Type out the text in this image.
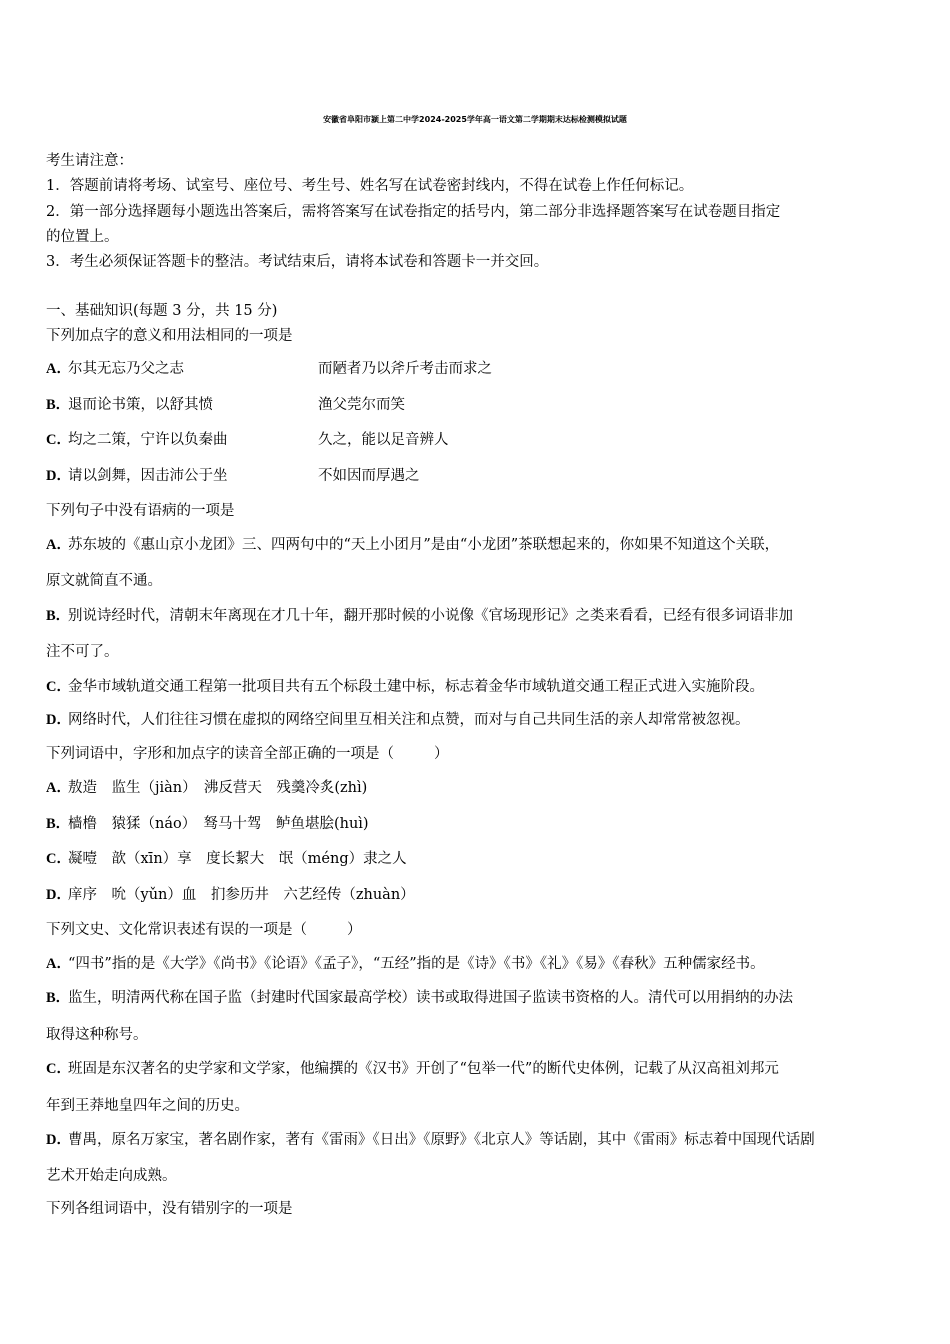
安徽省阜阳市颍上第二中学2024-2025学年高一语文第二学期期末达标检测模拟试题
考生请注意：
1．答题前请将考场、试室号、座位号、考生号、姓名写在试卷密封线内，不得在试卷上作任何标记。
2．第一部分选择题每小题选出答案后，需将答案写在试卷指定的括号内，第二部分非选择题答案写在试卷题目指定
的位置上。
3．考生必须保证答题卡的整洁。考试结束后，请将本试卷和答题卡一并交回。
一、基础知识(每题 3 分，共 15 分)
下列加点字的意义和用法相同的一项是
A．尔其无忘乃父之志	而陋者乃以斧斤考击而求之
B．退而论书策，以舒其愤	渔父莞尔而笑
C．均之二策，宁许以负秦曲	久之，能以足音辨人
D．请以剑舞，因击沛公于坐	不如因而厚遇之
下列句子中没有语病的一项是
A．苏东坡的《惠山京小龙团》三、四两句中的“天上小团月”是由“小龙团”茶联想起来的，你如果不知道这个关联，
原文就简直不通。
B．别说诗经时代，清朝末年离现在才几十年，翻开那时候的小说像《官场现形记》之类来看看，已经有很多词语非加
注不可了。
C．金华市域轨道交通工程第一批项目共有五个标段土建中标，标志着金华市域轨道交通工程正式进入实施阶段。
D．网络时代，人们往往习惯在虚拟的网络空间里互相关注和点赞，而对与自己共同生活的亲人却常常被忽视。
下列词语中，字形和加点字的读音全部正确的一项是（	）
A．敖造　监生（jiàn）　沸反营天　残羹冷炙(zhì)
B．樯橹　猿猱（náo）　驽马十驾　鲈鱼堪脍(huì)
C．凝噎　歆（xīn）享　度长絜大　氓（méng）隶之人
D．庠序　吮（yǔn）血　扪参历井　六艺经传（zhuàn）
下列文史、文化常识表述有误的一项是（	）
A．“四书”指的是《大学》《尚书》《论语》《孟子》，“五经”指的是《诗》《书》《礼》《易》《春秋》五种儒家经书。
B．监生，明清两代称在国子监（封建时代国家最高学校）读书或取得进国子监读书资格的人。清代可以用捐纳的办法
取得这种称号。
C．班固是东汉著名的史学家和文学家，他编撰的《汉书》开创了“包举一代”的断代史体例，记载了从汉高祖刘邦元
年到王莽地皇四年之间的历史。
D．曹禺，原名万家宝，著名剧作家，著有《雷雨》《日出》《原野》《北京人》等话剧，其中《雷雨》标志着中国现代话剧
艺术开始走向成熟。
下列各组词语中，没有错别字的一项是
